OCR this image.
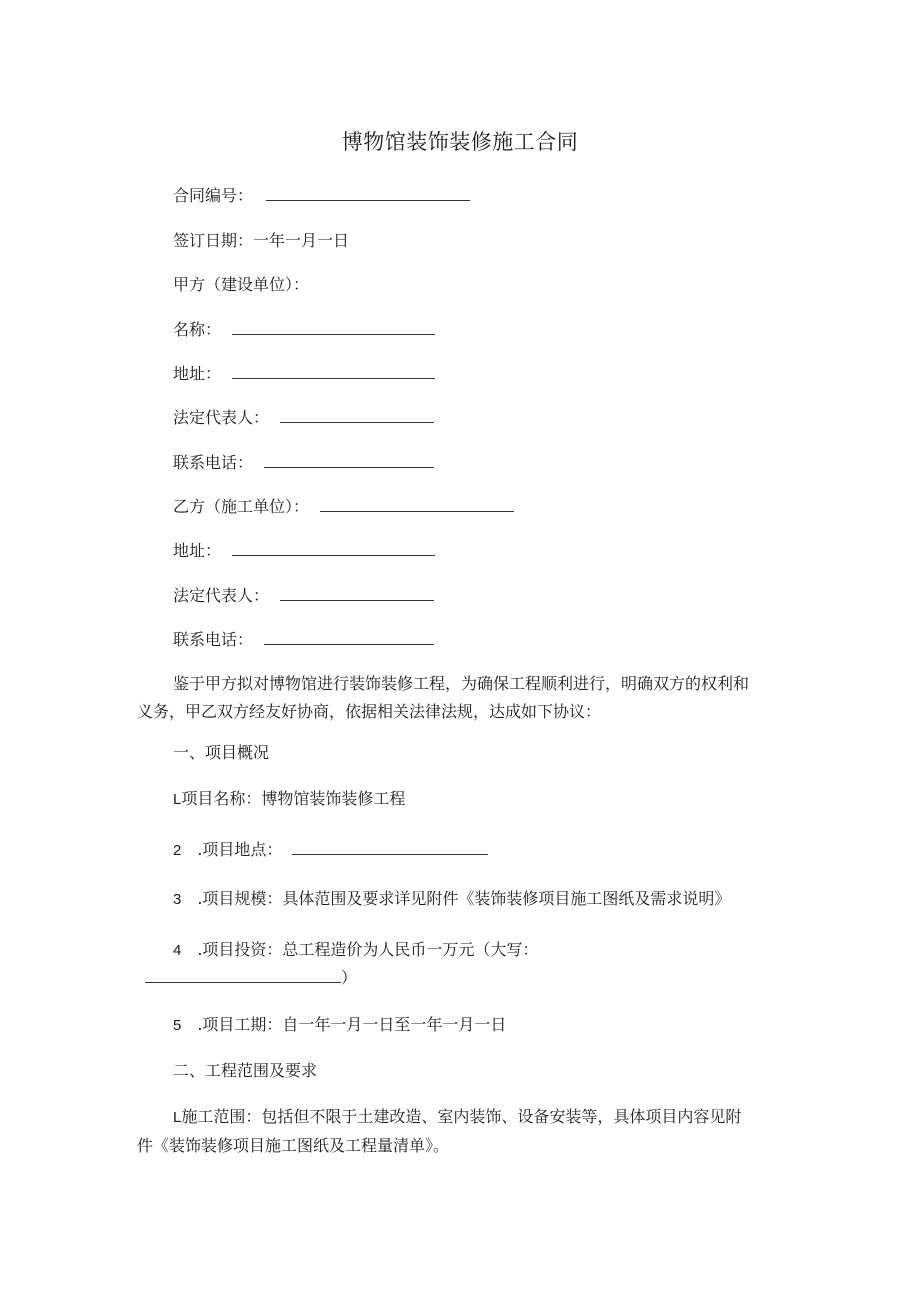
博物馆装饰装修施工合同
合同编号：
签订日期：一年一月一日
甲方（建设单位）：
名称：
地址：
法定代表人：
联系电话：
乙方（施工单位）：
地址：
法定代表人：
联系电话：
鉴于甲方拟对博物馆进行装饰装修工程，为确保工程顺利进行，明确双方的权利和
义务，甲乙双方经友好协商，依据相关法律法规，达成如下协议：
一、项目概况
L项目名称：博物馆装饰装修工程
2  .项目地点：
3  .项目规模：具体范围及要求详见附件《装饰装修项目施工图纸及需求说明》
4  .项目投资：总工程造价为人民币一万元（大写：
）
5  .项目工期：自一年一月一日至一年一月一日
二、工程范围及要求
L施工范围：包括但不限于土建改造、室内装饰、设备安装等，具体项目内容见附
件《装饰装修项目施工图纸及工程量清单》。
